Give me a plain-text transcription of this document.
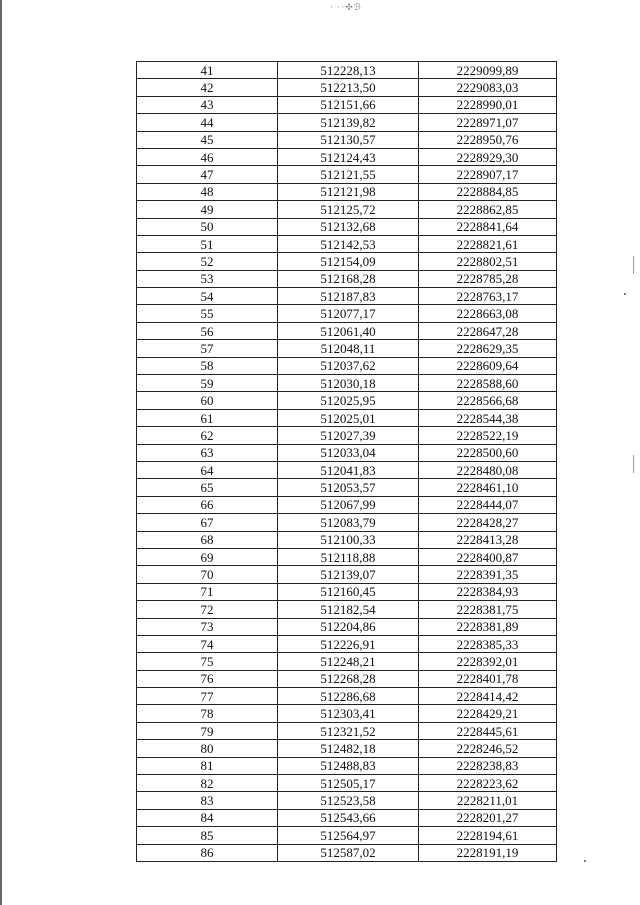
· ··✣ℬ
41	512228,13	2229099,89
42	512213,50	2229083,03
43	512151,66	2228990,01
44	512139,82	2228971,07
45	512130,57	2228950,76
46	512124,43	2228929,30
47	512121,55	2228907,17
48	512121,98	2228884,85
49	512125,72	2228862,85
50	512132,68	2228841,64
51	512142,53	2228821,61
52	512154,09	2228802,51
53	512168,28	2228785,28
54	512187,83	2228763,17
55	512077,17	2228663,08
56	512061,40	2228647,28
57	512048,11	2228629,35
58	512037,62	2228609,64
59	512030,18	2228588,60
60	512025,95	2228566,68
61	512025,01	2228544,38
62	512027,39	2228522,19
63	512033,04	2228500,60
64	512041,83	2228480,08
65	512053,57	2228461,10
66	512067,99	2228444,07
67	512083,79	2228428,27
68	512100,33	2228413,28
69	512118,88	2228400,87
70	512139,07	2228391,35
71	512160,45	2228384,93
72	512182,54	2228381,75
73	512204,86	2228381,89
74	512226,91	2228385,33
75	512248,21	2228392,01
76	512268,28	2228401,78
77	512286,68	2228414,42
78	512303,41	2228429,21
79	512321,52	2228445,61
80	512482,18	2228246,52
81	512488,83	2228238,83
82	512505,17	2228223,62
83	512523,58	2228211,01
84	512543,66	2228201,27
85	512564,97	2228194,61
86	512587,02	2228191,19
